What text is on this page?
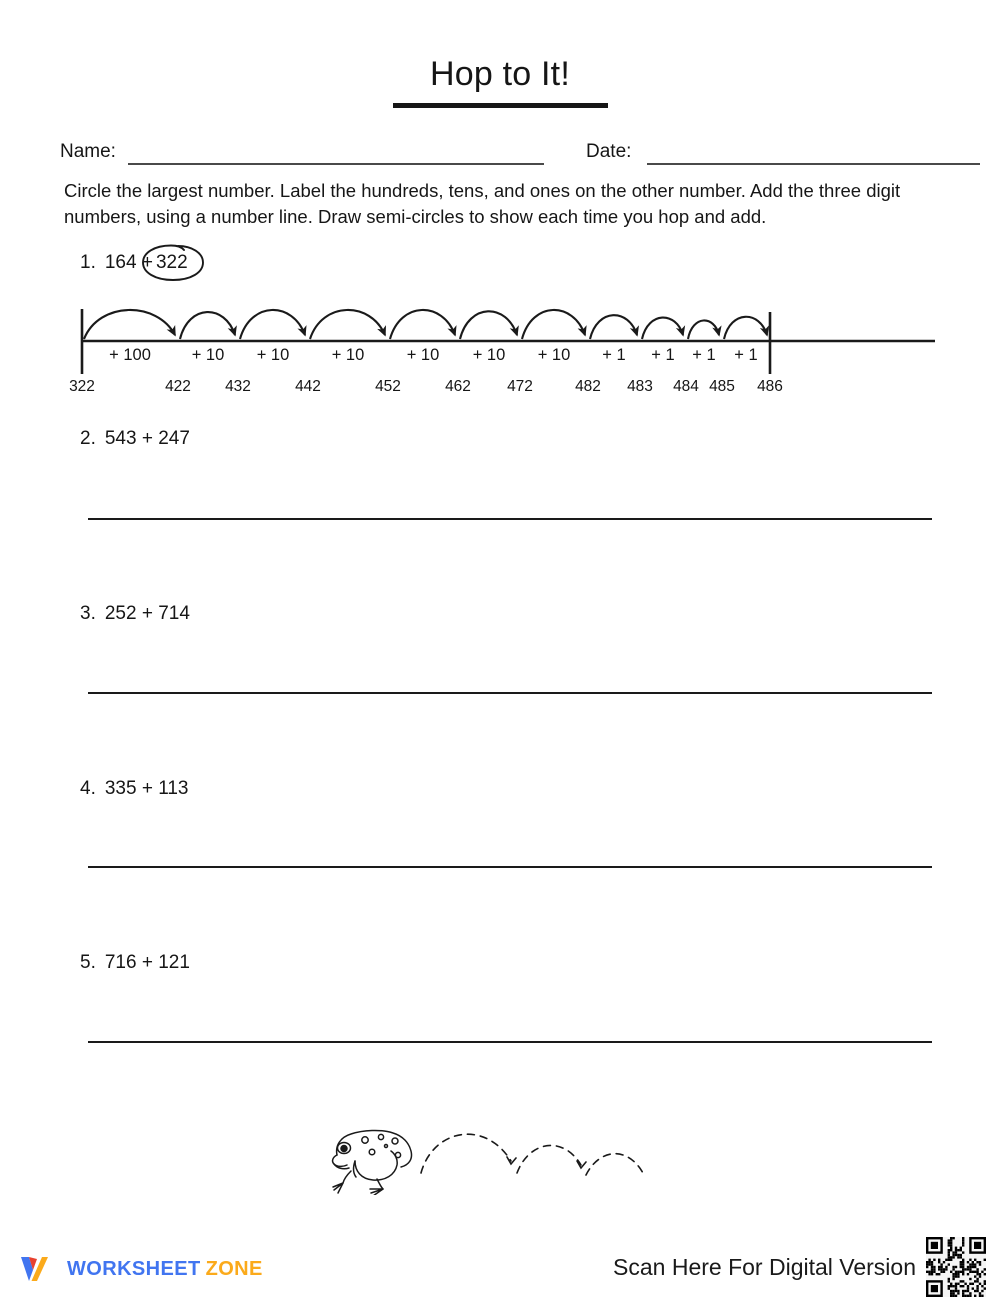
Hop to It!
Name:	Date:
Circle the largest number. Label the hundreds, tens, and ones on the other number. Add the three digit numbers, using a number line. Draw semi-circles to show each time you hop and add.
1. 164 + 322
+ 100 + 10 + 10	+ 10	+ 10 + 10 + 10 + 1 + 1 + 1 + 1
322	422 432	442	452	462 472	482 483 484 485 486
2. 543 + 247
3. 252 + 714
4. 335 + 113
5. 716 + 121
WORKSHEET ZONE	Scan Here For Digital Version
